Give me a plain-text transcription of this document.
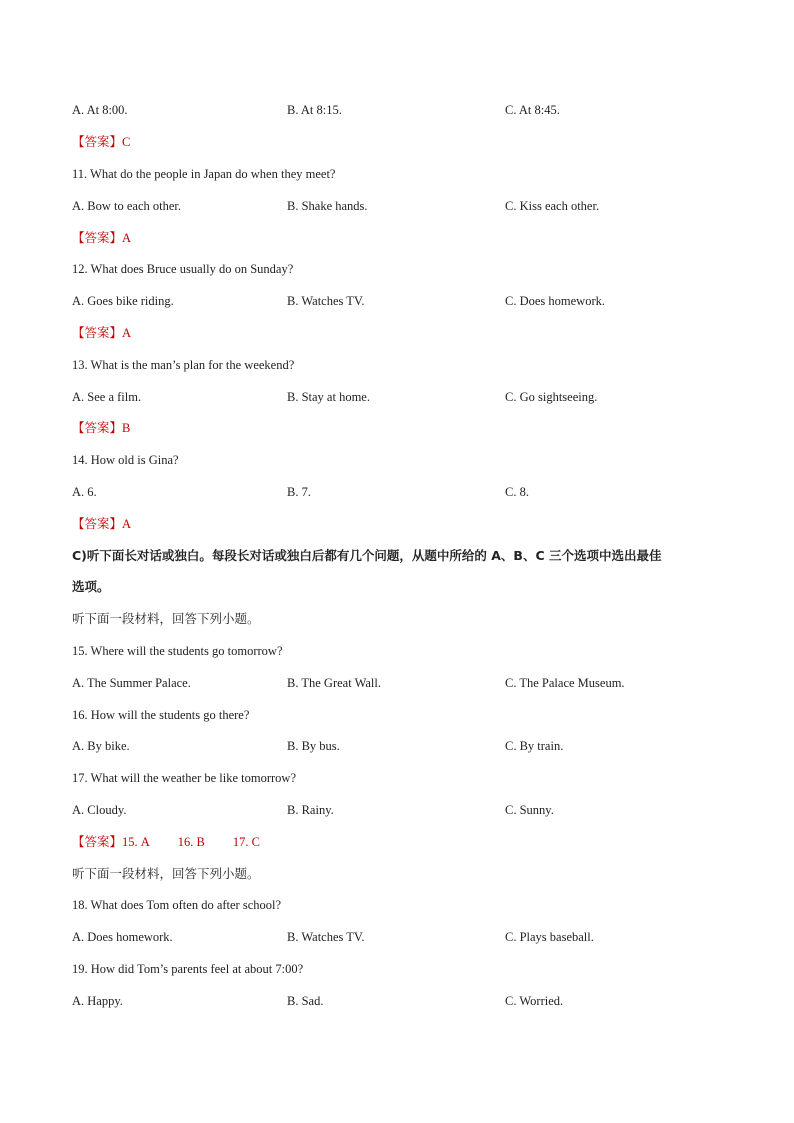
A. At 8:00.	B. At 8:15.	C. At 8:45.
【答案】C
11. What do the people in Japan do when they meet?
A. Bow to each other.	B. Shake hands.	C. Kiss each other.
【答案】A
12. What does Bruce usually do on Sunday?
A. Goes bike riding.	B. Watches TV.	C. Does homework.
【答案】A
13. What is the man’s plan for the weekend?
A. See a film.	B. Stay at home.	C. Go sightseeing.
【答案】B
14. How old is Gina?
A. 6.	B. 7.	C. 8.
【答案】A
C)听下面长对话或独白。每段长对话或独白后都有几个问题，从题中所给的 A、B、C 三个选项中选出最佳
选项。
听下面一段材料，回答下列小题。
15. Where will the students go tomorrow?
A. The Summer Palace.	B. The Great Wall.	C. The Palace Museum.
16. How will the students go there?
A. By bike.	B. By bus.	C. By train.
17. What will the weather be like tomorrow?
A. Cloudy.	B. Rainy.	C. Sunny.
【答案】15. A 16. B 17. C
听下面一段材料，回答下列小题。
18. What does Tom often do after school?
A. Does homework.	B. Watches TV.	C. Plays baseball.
19. How did Tom’s parents feel at about 7:00?
A. Happy.	B. Sad.	C. Worried.
